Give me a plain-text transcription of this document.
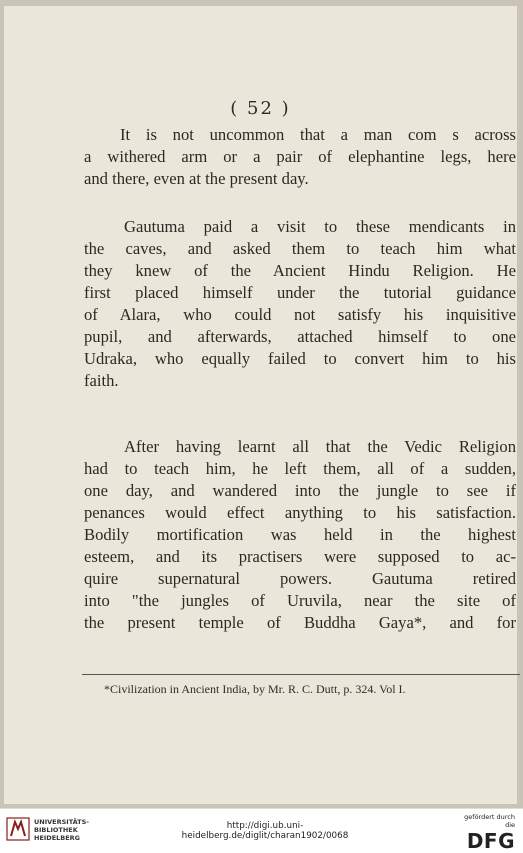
( 52 )
It is not uncommon that a man com s across
a withered arm or a pair of elephantine legs, here
and there, even at the present day.
Gautuma paid a visit to these mendicants in
the caves, and asked them to teach him what
they knew of the Ancient Hindu Religion. He
first placed himself under the tutorial guidance
of Alara, who could not satisfy his inquisitive
pupil, and afterwards, attached himself to one
Udraka, who equally failed to convert him to his
faith.
After having learnt all that the Vedic Religion
had to teach him, he left them, all of a sudden,
one day, and wandered into the jungle to see if
penances would effect anything to his satisfaction.
Bodily mortification was held in the highest
esteem, and its practisers were supposed to ac-
quire supernatural powers. Gautuma retired
into "the jungles of Uruvila, near the site of
the present temple of Buddha Gaya*, and for
*Civilization in Ancient India, by Mr. R. C. Dutt, p. 324. Vol I.
UNIVERSITÄTS-
BIBLIOTHEK
HEIDELBERG
http://digi.ub.uni-heidelberg.de/diglit/charan1902/0068
gefördert durch die
DFG
